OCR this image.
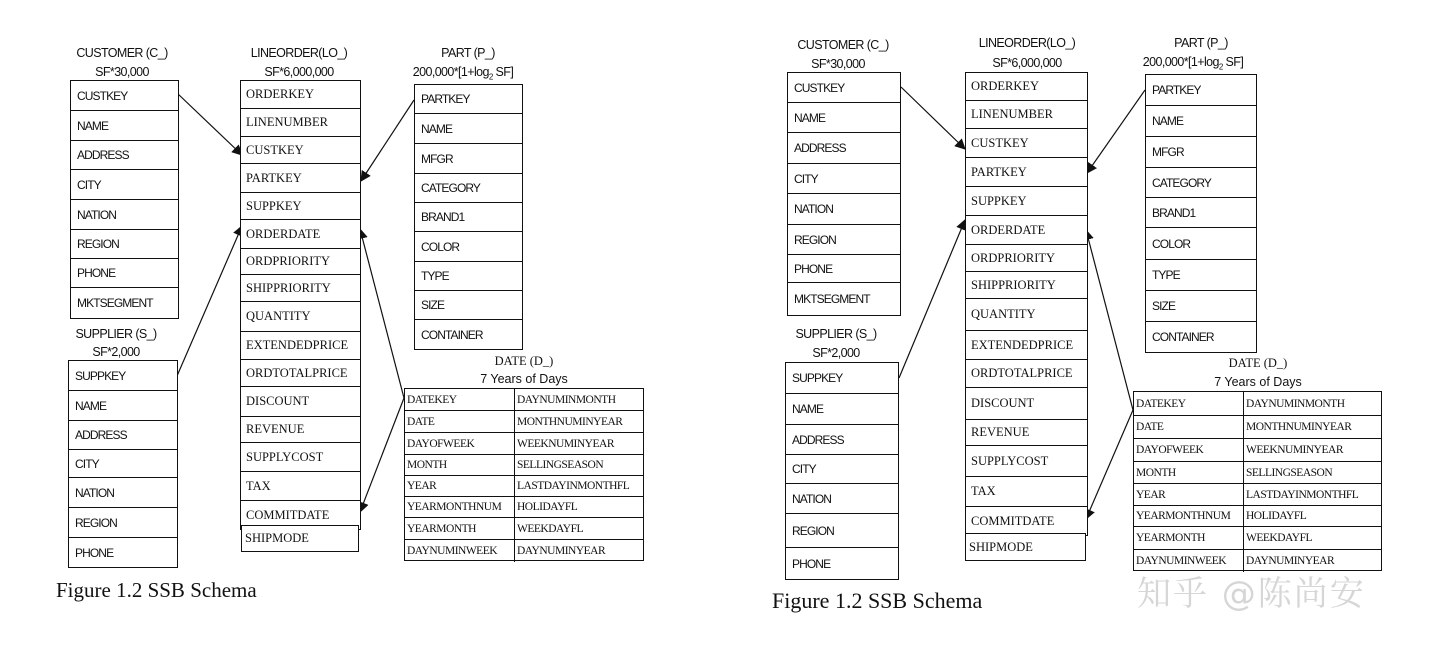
CUSTOMER (C_)
SF*30,000
CUSTKEY
NAME
ADDRESS
CITY
NATION
REGION
PHONE
MKTSEGMENT
SUPPLIER (S_)
SF*2,000
SUPPKEY
NAME
ADDRESS
CITY
NATION
REGION
PHONE
LINEORDER(LO_)
SF*6,000,000
ORDERKEY
LINENUMBER
CUSTKEY
PARTKEY
SUPPKEY
ORDERDATE
ORDPRIORITY
SHIPPRIORITY
QUANTITY
EXTENDEDPRICE
ORDTOTALPRICE
DISCOUNT
REVENUE
SUPPLYCOST
TAX
COMMITDATE
SHIPMODE
PART (P_)
$200,000*[1+\log_2$ SF]
PARTKEY
NAME
MFGR
CATEGORY
BRAND1
COLOR
TYPE
SIZE
CONTAINER
DATE (D_)
7 Years of Days
DATEKEY	DAYNUMINMONTH
DATE	MONTHNUMINYEAR
DAYOFWEEK	WEEKNUMINYEAR
MONTH	SELLINGSEASON
YEAR	LASTDAYINMONTHFL
YEARMONTHNUM	HOLIDAYFL
YEARMONTH	WEEKDAYFL
DAYNUMINWEEK	DAYNUMINYEAR
Figure 1.2 SSB Schema
CUSTOMER (C_)
SF*30,000
CUSTKEY
NAME
ADDRESS
CITY
NATION
REGION
PHONE
MKTSEGMENT
SUPPLIER (S_)
SF*2,000
SUPPKEY
NAME
ADDRESS
CITY
NATION
REGION
PHONE
LINEORDER(LO_)
SF*6,000,000
ORDERKEY
LINENUMBER
CUSTKEY
PARTKEY
SUPPKEY
ORDERDATE
ORDPRIORITY
SHIPPRIORITY
QUANTITY
EXTENDEDPRICE
ORDTOTALPRICE
DISCOUNT
REVENUE
SUPPLYCOST
TAX
COMMITDATE
SHIPMODE
PART (P_)
$200,000*[1+\log_2$ SF]
PARTKEY
NAME
MFGR
CATEGORY
BRAND1
COLOR
TYPE
SIZE
CONTAINER
DATE (D_)
7 Years of Days
DATEKEY	DAYNUMINMONTH
DATE	MONTHNUMINYEAR
DAYOFWEEK	WEEKNUMINYEAR
MONTH	SELLINGSEASON
YEAR	LASTDAYINMONTHFL
YEARMONTHNUM	HOLIDAYFL
YEARMONTH	WEEKDAYFL
DAYNUMINWEEK	DAYNUMINYEAR
Figure 1.2 SSB Schema	知乎 @陈尚安
